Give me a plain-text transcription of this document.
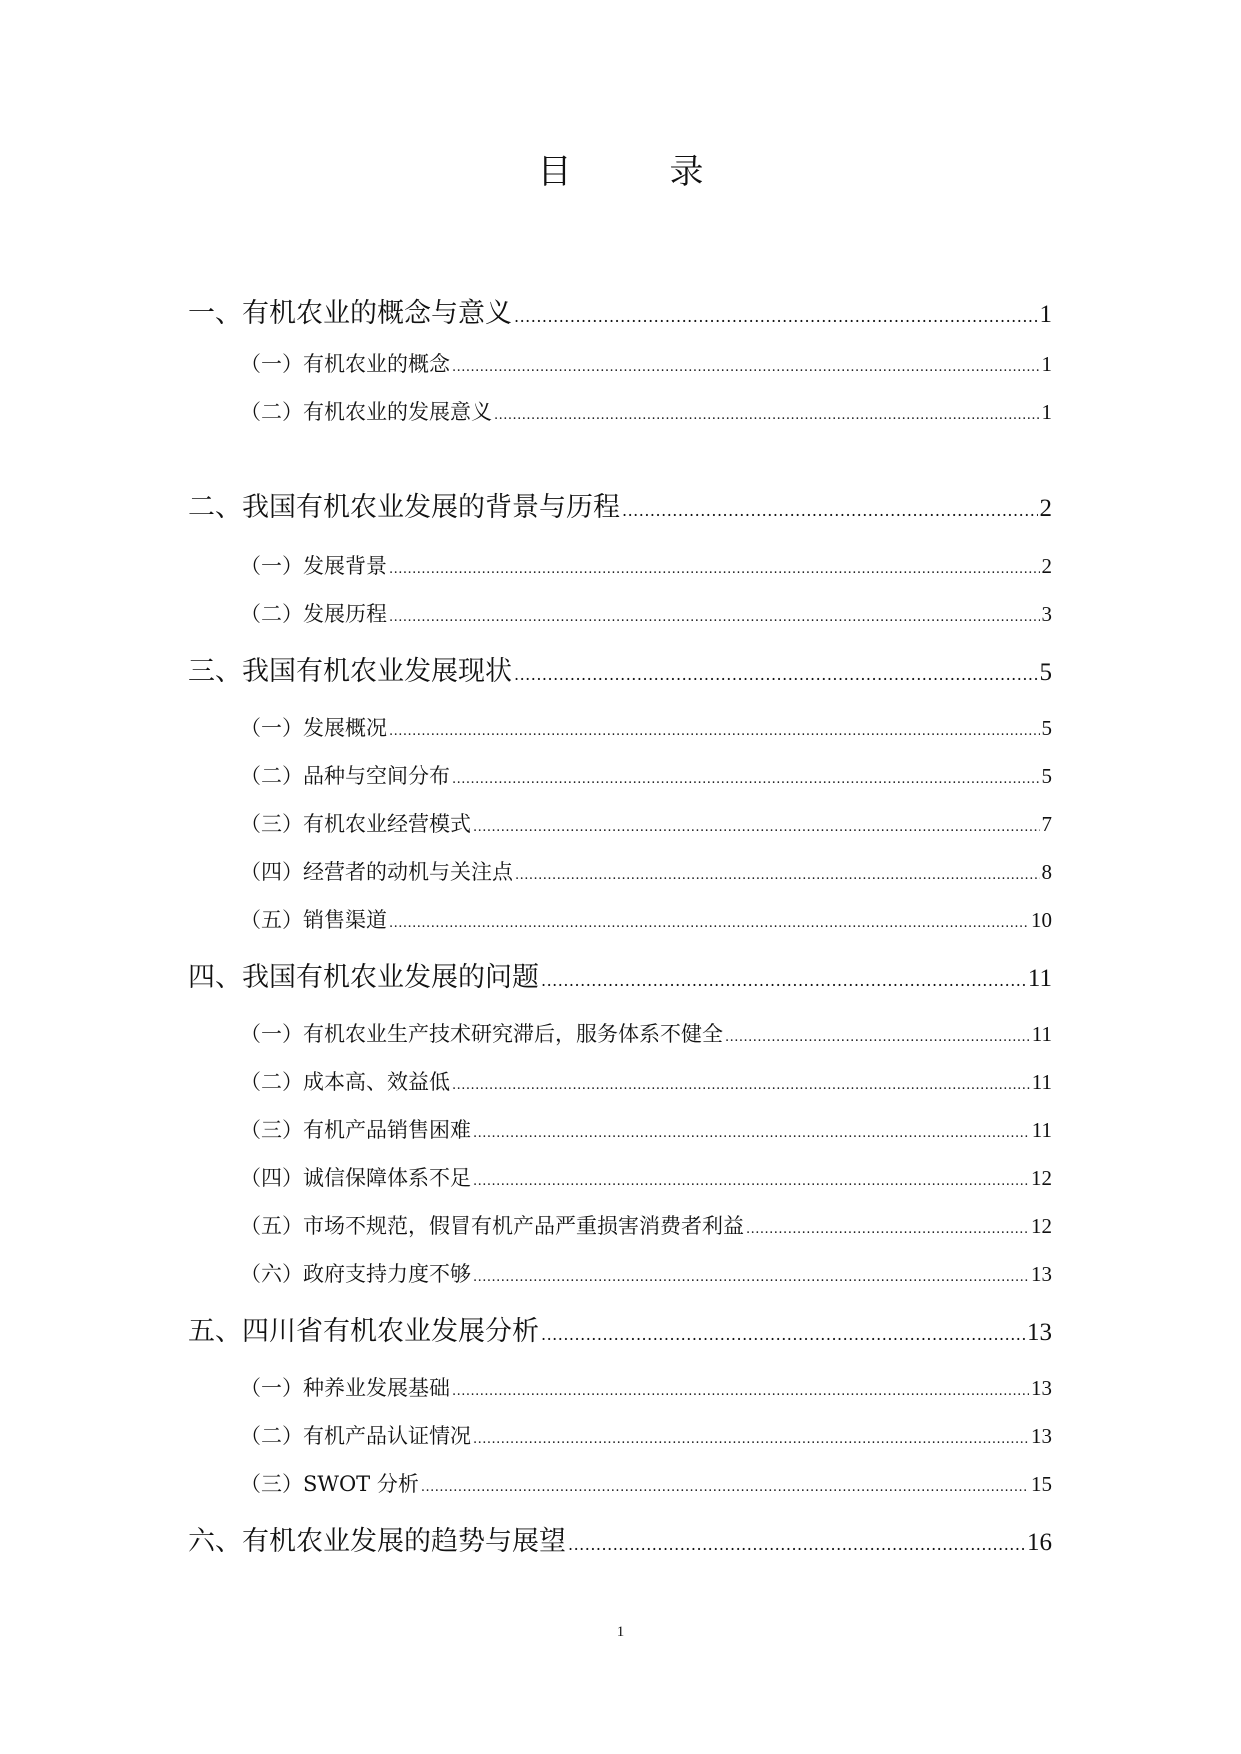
目　录
一、有机农业的概念与意义 .....	1
（一）有机农业的概念 .....	1
（二）有机农业的发展意义 .....	1
二、我国有机农业发展的背景与历程 .....	2
（一）发展背景 .....	2
（二）发展历程 .....	3
三、我国有机农业发展现状 .....	5
（一）发展概况 .....	5
（二）品种与空间分布 .....	5
（三）有机农业经营模式 .....	7
（四）经营者的动机与关注点 .....	8
（五）销售渠道 .....	10
四、我国有机农业发展的问题 .....	11
（一）有机农业生产技术研究滞后，服务体系不健全 .....	11
（二）成本高、效益低 .....	11
（三）有机产品销售困难 .....	11
（四）诚信保障体系不足 .....	12
（五）市场不规范，假冒有机产品严重损害消费者利益 .....	12
（六）政府支持力度不够 .....	13
五、四川省有机农业发展分析 .....	13
（一）种养业发展基础 .....	13
（二）有机产品认证情况 .....	13
（三）SWOT 分析 .....	15
六、有机农业发展的趋势与展望 .....	16
1
